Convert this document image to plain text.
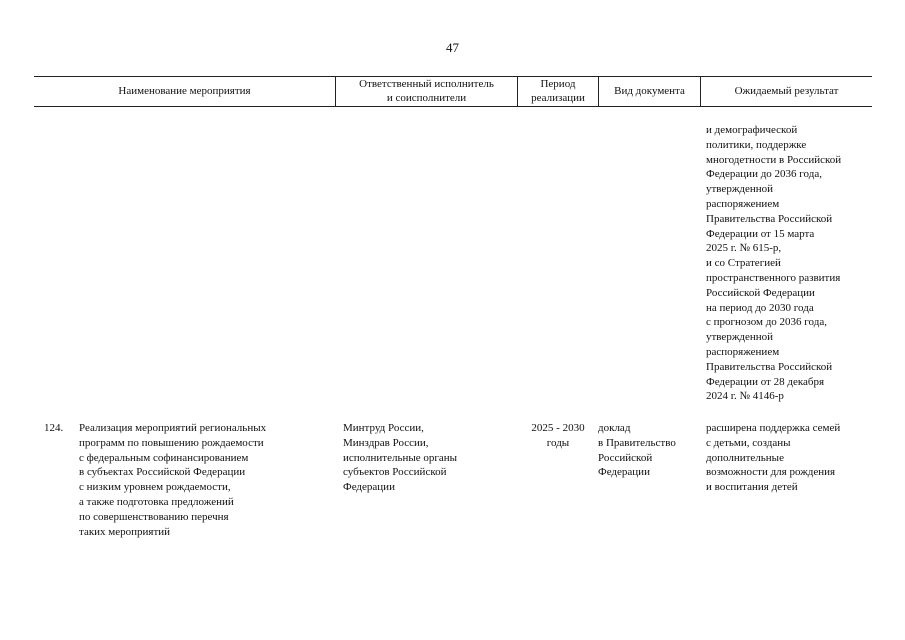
47
Наименование мероприятия
Ответственный исполнитель
и соисполнители
Период
реализации
Вид документа	Ожидаемый результат
и демографической
политики, поддержке
многодетности в Российской
Федерации до 2036 года,
утвержденной
распоряжением
Правительства Российской
Федерации от 15 марта
2025 г. № 615-р,
и со Стратегией
пространственного развития
Российской Федерации
на период до 2030 года
с прогнозом до 2036 года,
утвержденной
распоряжением
Правительства Российской
Федерации от 28 декабря
2024 г. № 4146-р
124.	Реализация мероприятий региональных
программ по повышению рождаемости
с федеральным софинансированием
в субъектах Российской Федерации
с низким уровнем рождаемости,
а также подготовка предложений
по совершенствованию перечня
таких мероприятий
Минтруд России,
Минздрав России,
исполнительные органы
субъектов Российской
Федерации
2025 - 2030
годы
доклад
в Правительство
Российской
Федерации
расширена поддержка семей
с детьми, созданы
дополнительные
возможности для рождения
и воспитания детей
